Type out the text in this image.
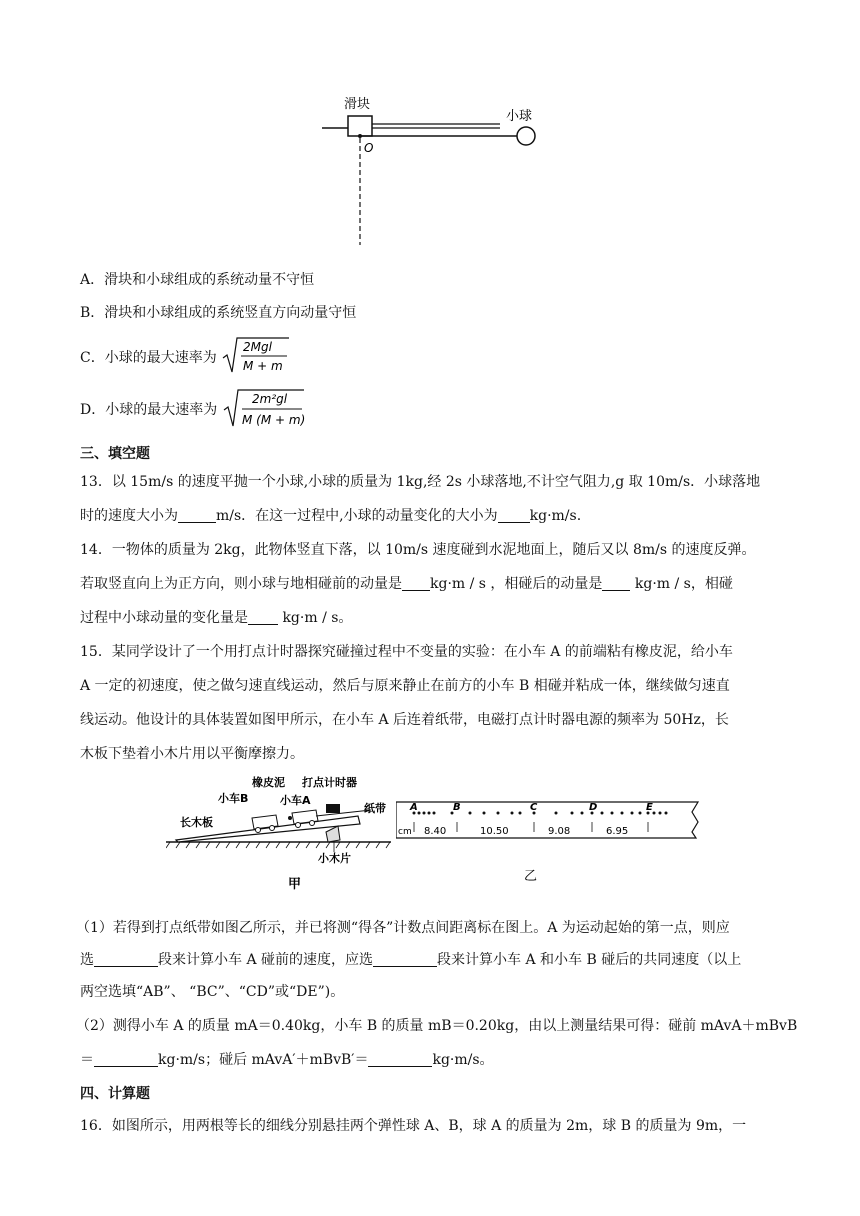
滑块
小球
O
A．滑块和小球组成的系统动量不守恒
B．滑块和小球组成的系统竖直方向动量守恒
C．小球的最大速率为
2Mgl
M + m
D．小球的最大速率为
2m²gl
M (M + m)
三、填空题
13．以 15m/s 的速度平抛一个小球,小球的质量为 1kg,经 2s 小球落地,不计空气阻力,g 取 10m/s．小球落地
时的速度大小为	m/s．在这一过程中,小球的动量变化的大小为 kg·m/s.
14．一物体的质量为 2kg，此物体竖直下落，以 10m/s 速度碰到水泥地面上，随后又以 8m/s 的速度反弹。
若取竖直向上为正方向，则小球与地相碰前的动量是 kg·m / s ，相碰后的动量是 kg·m / s，相碰
过程中小球动量的变化量是 kg·m / s。
15．某同学设计了一个用打点计时器探究碰撞过程中不变量的实验：在小车 A 的前端粘有橡皮泥，给小车
A 一定的初速度，使之做匀速直线运动，然后与原来静止在前方的小车 B 相碰并粘成一体，继续做匀速直
线运动。他设计的具体装置如图甲所示，在小车 A 后连着纸带，电磁打点计时器电源的频率为 50Hz，长
木板下垫着小木片用以平衡摩擦力。
橡皮泥 打点计时器
小车B	小车A
纸带
长木板
小木片
甲
A	B	C	D	E
cm 8.40	10.50	9.08	6.95
乙
（1）若得到打点纸带如图乙所示，并已将测“得各”计数点间距离标在图上。A 为运动起始的第一点，则应
选	段来计算小车 A 碰前的速度，应选	段来计算小车 A 和小车 B 碰后的共同速度（以上
两空选填“AB”、 “BC”、“CD”或“DE”)。
（2）测得小车 A 的质量 mA＝0.40kg，小车 B 的质量 mB＝0.20kg，由以上测量结果可得：碰前 mAvA＋mBvB
＝	kg·m/s；碰后 mAvA′＋mBvB′＝	kg·m/s。
四、计算题
16．如图所示，用两根等长的细线分别悬挂两个弹性球 A、B，球 A 的质量为 2m，球 B 的质量为 9m，一
